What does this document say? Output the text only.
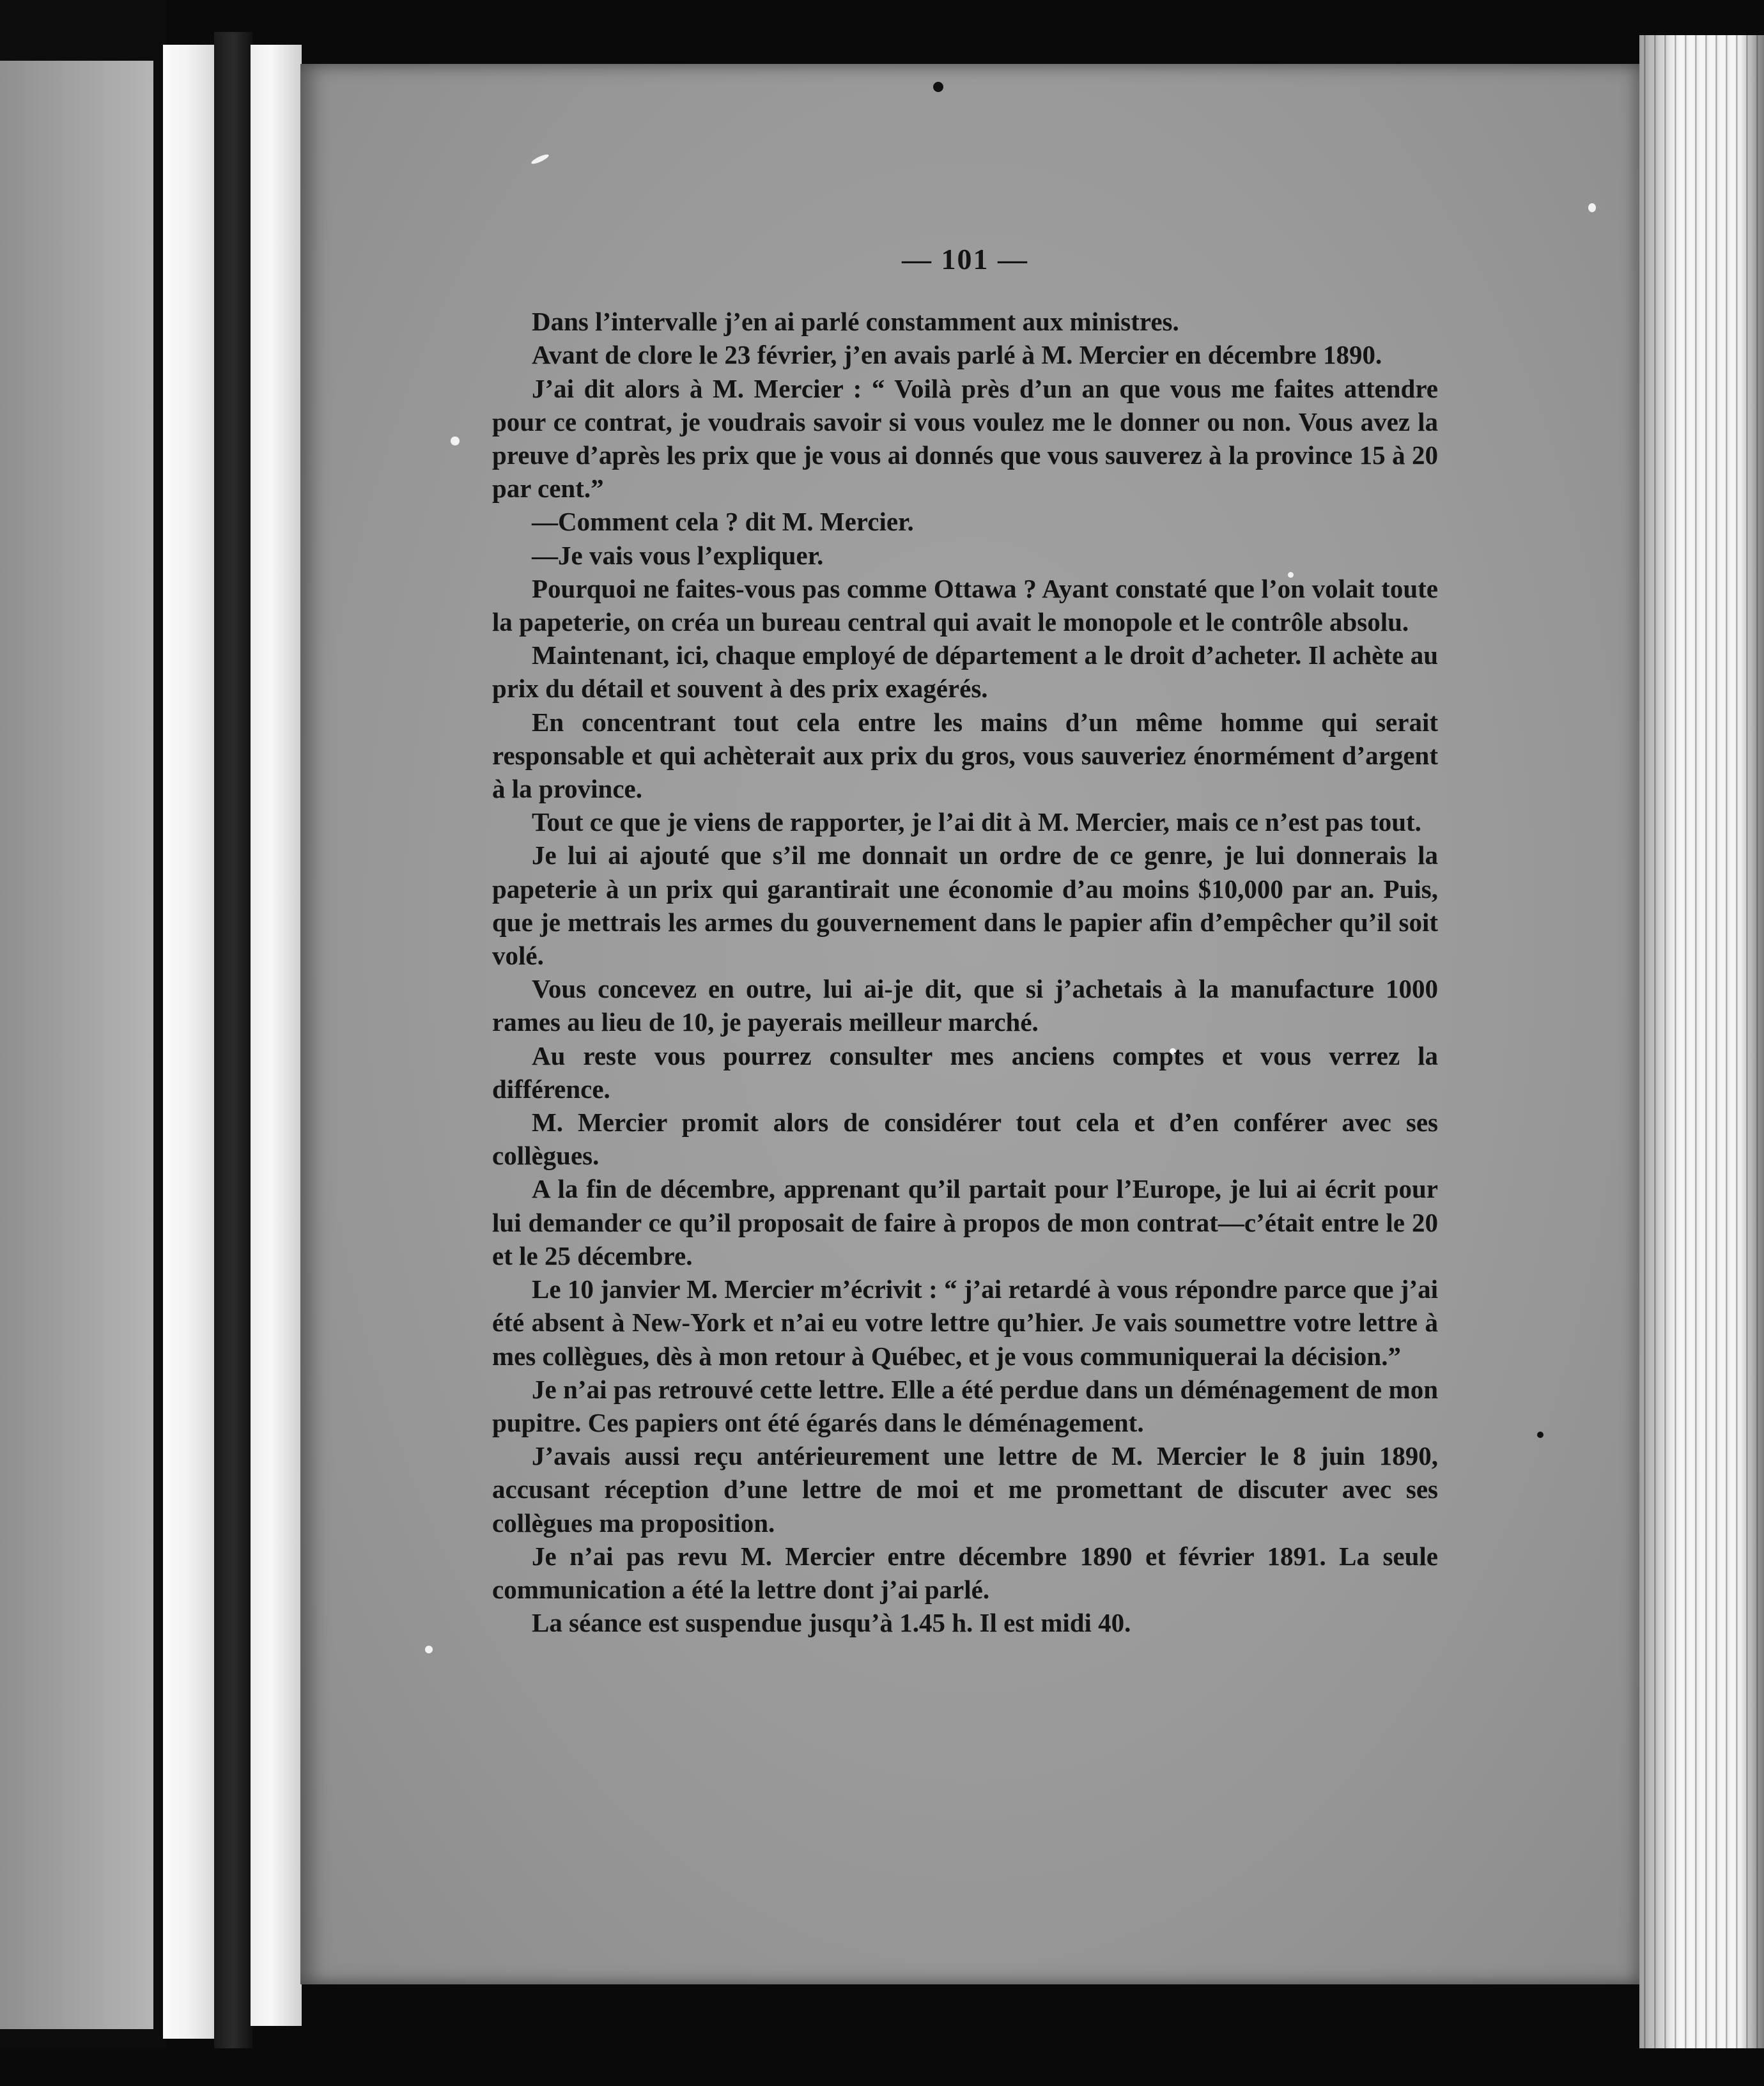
— 101 —

Dans l’intervalle j’en ai parlé constamment aux ministres.

Avant de clore le 23 février, j’en avais parlé à M. Mercier en décembre 1890.

J’ai dit alors à M. Mercier : “ Voilà près d’un an que vous me faites attendre pour ce contrat, je voudrais savoir si vous voulez me le donner ou non. Vous avez la preuve d’après les prix que je vous ai donnés que vous sauverez à la province 15 à 20 par cent.”

—Comment cela ? dit M. Mercier.

—Je vais vous l’expliquer.

Pourquoi ne faites-vous pas comme Ottawa ? Ayant constaté que l’on volait toute la papeterie, on créa un bureau central qui avait le monopole et le contrôle absolu.

Maintenant, ici, chaque employé de département a le droit d’acheter. Il achète au prix du détail et souvent à des prix exagérés.

En concentrant tout cela entre les mains d’un même homme qui serait responsable et qui achèterait aux prix du gros, vous sauveriez énormément d’argent à la province.

Tout ce que je viens de rapporter, je l’ai dit à M. Mercier, mais ce n’est pas tout.

Je lui ai ajouté que s’il me donnait un ordre de ce genre, je lui donnerais la papeterie à un prix qui garantirait une économie d’au moins $10,000 par an. Puis, que je mettrais les armes du gouvernement dans le papier afin d’empêcher qu’il soit volé.

Vous concevez en outre, lui ai-je dit, que si j’achetais à la manufacture 1000 rames au lieu de 10, je payerais meilleur marché.

Au reste vous pourrez consulter mes anciens comptes et vous verrez la différence.

M. Mercier promit alors de considérer tout cela et d’en conférer avec ses collègues.

A la fin de décembre, apprenant qu’il partait pour l’Europe, je lui ai écrit pour lui demander ce qu’il proposait de faire à propos de mon contrat—c’était entre le 20 et le 25 décembre.

Le 10 janvier M. Mercier m’écrivit : “ j’ai retardé à vous répondre parce que j’ai été absent à New-York et n’ai eu votre lettre qu’hier. Je vais soumettre votre lettre à mes collègues, dès à mon retour à Québec, et je vous communiquerai la décision.”

Je n’ai pas retrouvé cette lettre. Elle a été perdue dans un déménagement de mon pupitre. Ces papiers ont été égarés dans le déménagement.

J’avais aussi reçu antérieurement une lettre de M. Mercier le 8 juin 1890, accusant réception d’une lettre de moi et me promettant de discuter avec ses collègues ma proposition.

Je n’ai pas revu M. Mercier entre décembre 1890 et février 1891. La seule communication a été la lettre dont j’ai parlé.

La séance est suspendue jusqu’à 1.45 h. Il est midi 40.
